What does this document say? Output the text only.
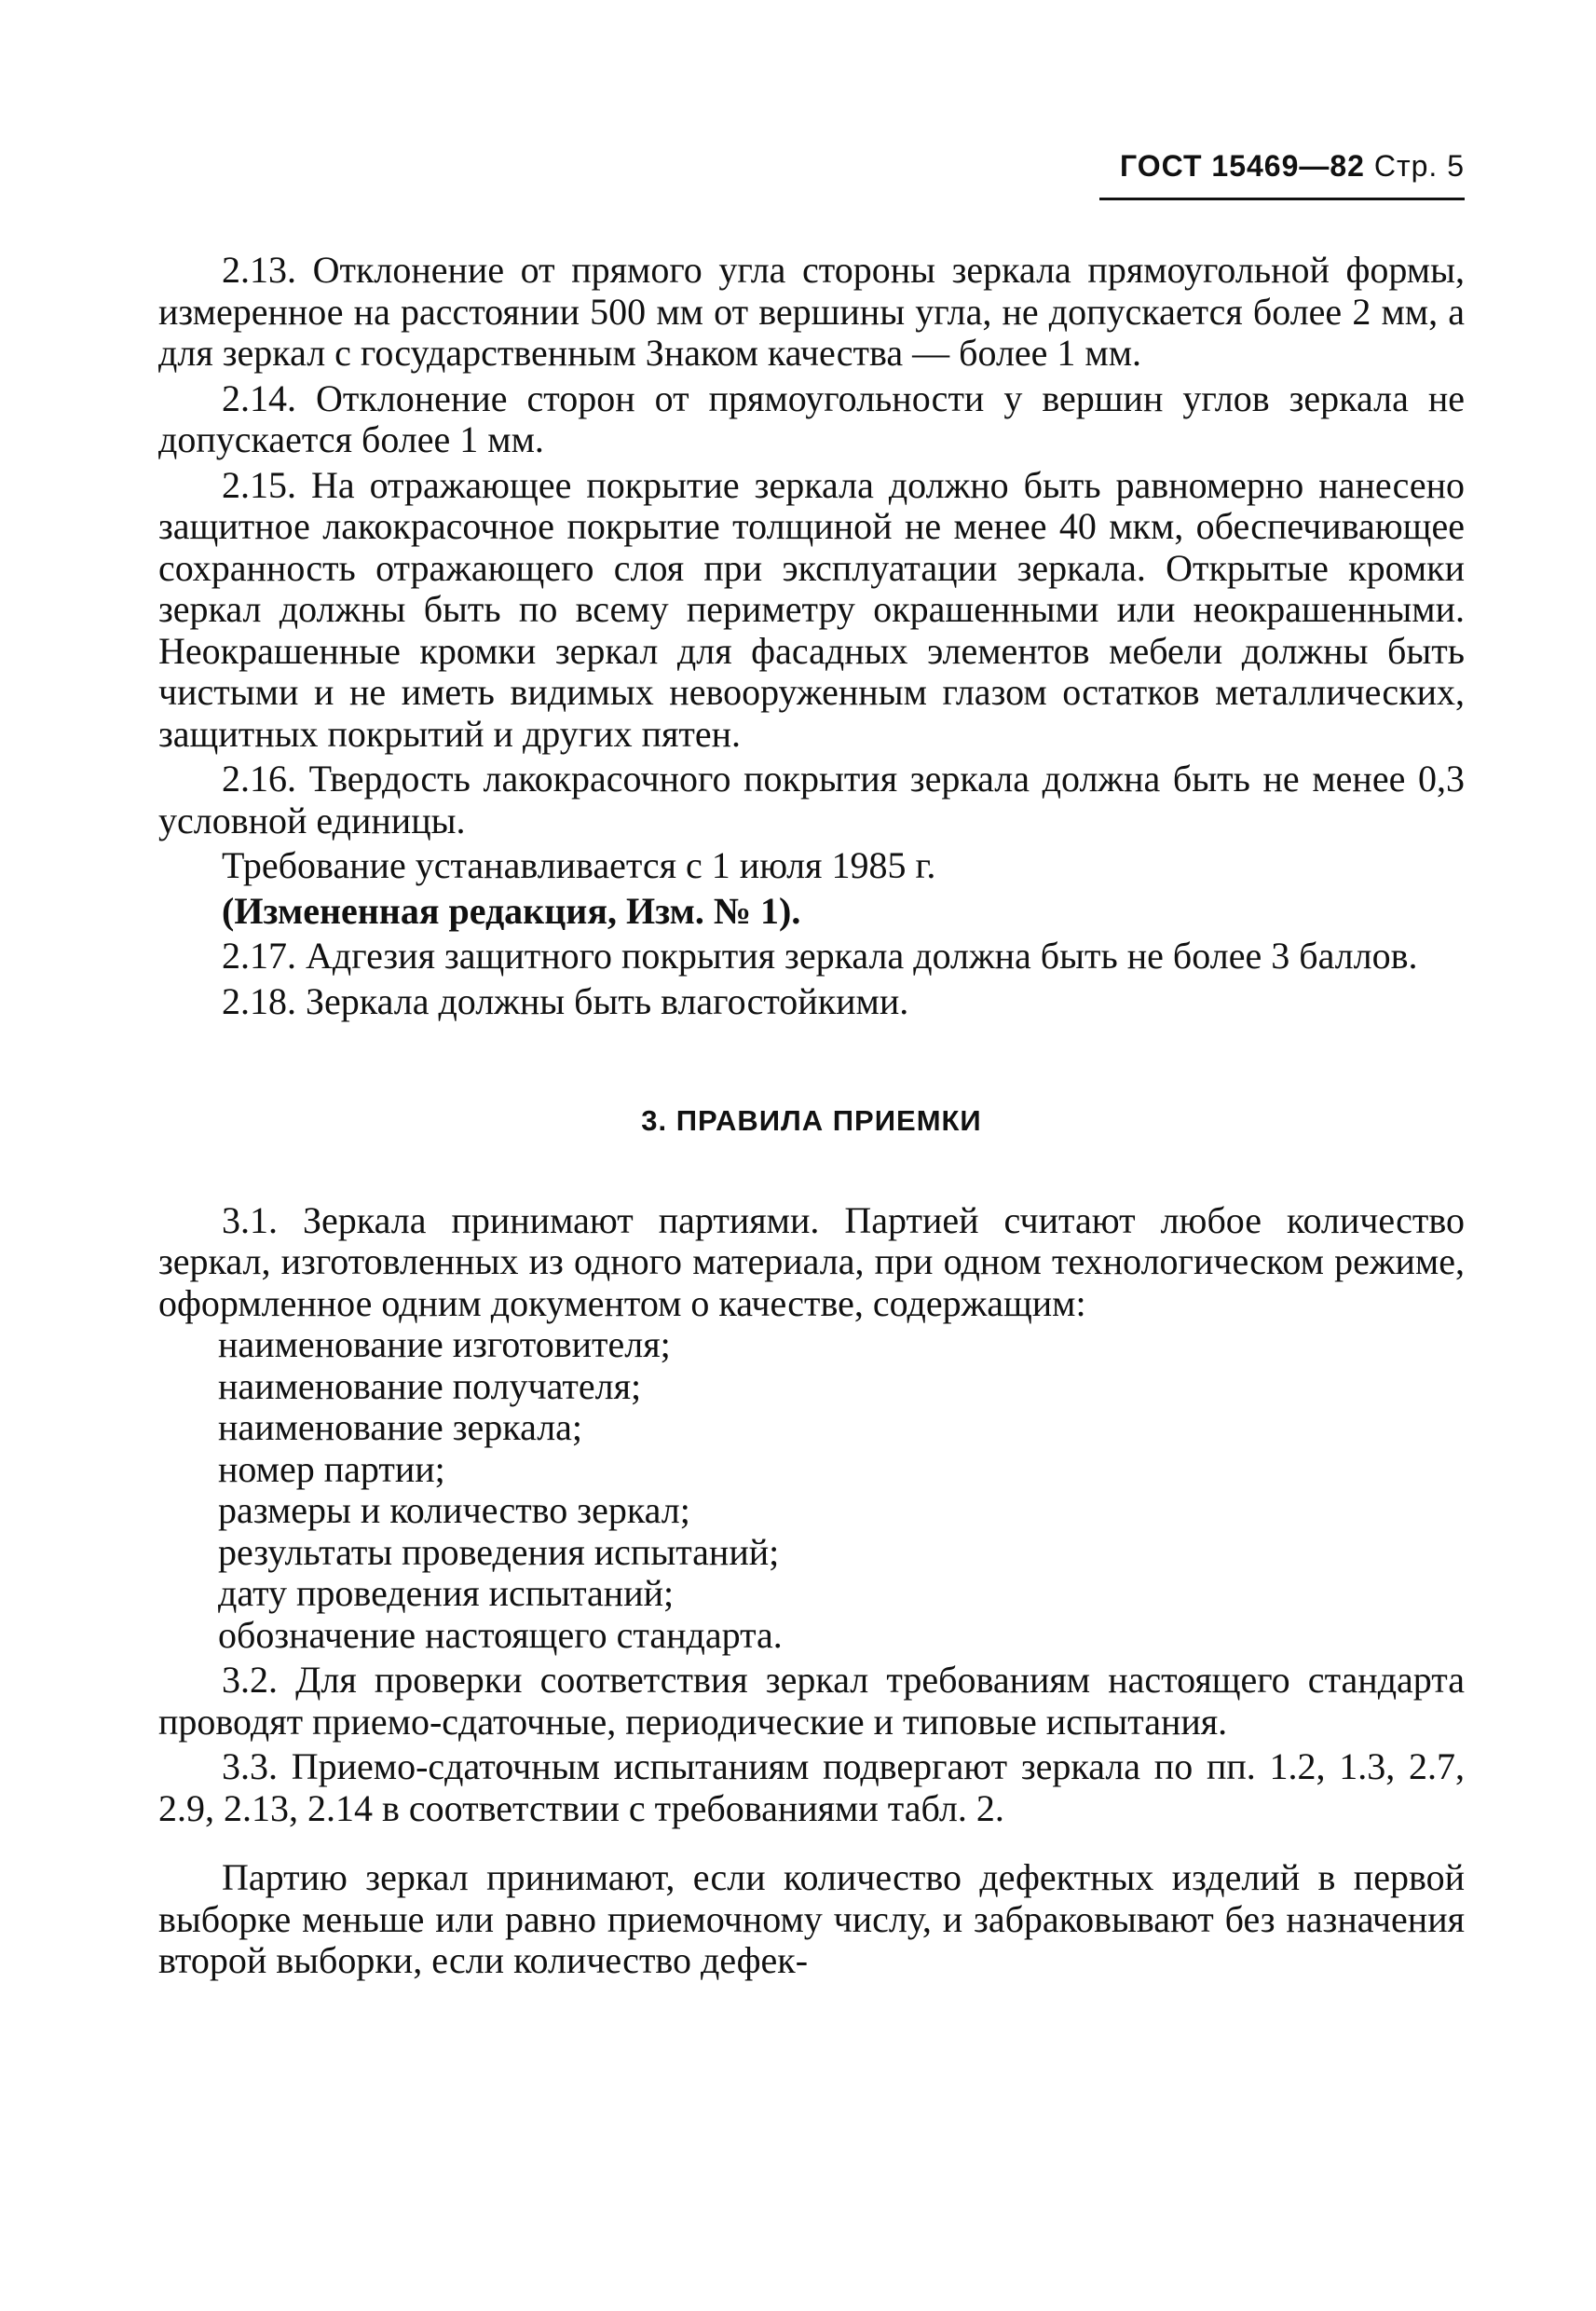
ГОСТ 15469—82 Стр. 5

2.13. Отклонение от прямого угла стороны зеркала прямоугольной формы, измеренное на расстоянии 500 мм от вершины угла, не допускается более 2 мм, а для зеркал с государственным Знаком качества — более 1 мм.

2.14. Отклонение сторон от прямоугольности у вершин углов зеркала не допускается более 1 мм.

2.15. На отражающее покрытие зеркала должно быть равномерно нанесено защитное лакокрасочное покрытие толщиной не менее 40 мкм, обеспечивающее сохранность отражающего слоя при эксплуатации зеркала. Открытые кромки зеркал должны быть по всему периметру окрашенными или неокрашенными. Неокрашенные кромки зеркал для фасадных элементов мебели должны быть чистыми и не иметь видимых невооруженным глазом остатков металлических, защитных покрытий и других пятен.

2.16. Твердость лакокрасочного покрытия зеркала должна быть не менее 0,3 условной единицы.

Требование устанавливается с 1 июля 1985 г.

(Измененная редакция, Изм. № 1).

2.17. Адгезия защитного покрытия зеркала должна быть не более 3 баллов.

2.18. Зеркала должны быть влагостойкими.

3. ПРАВИЛА ПРИЕМКИ

3.1. Зеркала принимают партиями. Партией считают любое количество зеркал, изготовленных из одного материала, при одном технологическом режиме, оформленное одним документом о качестве, содержащим:

наименование изготовителя;
наименование получателя;
наименование зеркала;
номер партии;
размеры и количество зеркал;
результаты проведения испытаний;
дату проведения испытаний;
обозначение настоящего стандарта.

3.2. Для проверки соответствия зеркал требованиям настоящего стандарта проводят приемо-сдаточные, периодические и типовые испытания.

3.3. Приемо-сдаточным испытаниям подвергают зеркала по пп. 1.2, 1.3, 2.7, 2.9, 2.13, 2.14 в соответствии с требованиями табл. 2.

Партию зеркал принимают, если количество дефектных изделий в первой выборке меньше или равно приемочному числу, и забраковывают без назначения второй выборки, если количество дефек-
